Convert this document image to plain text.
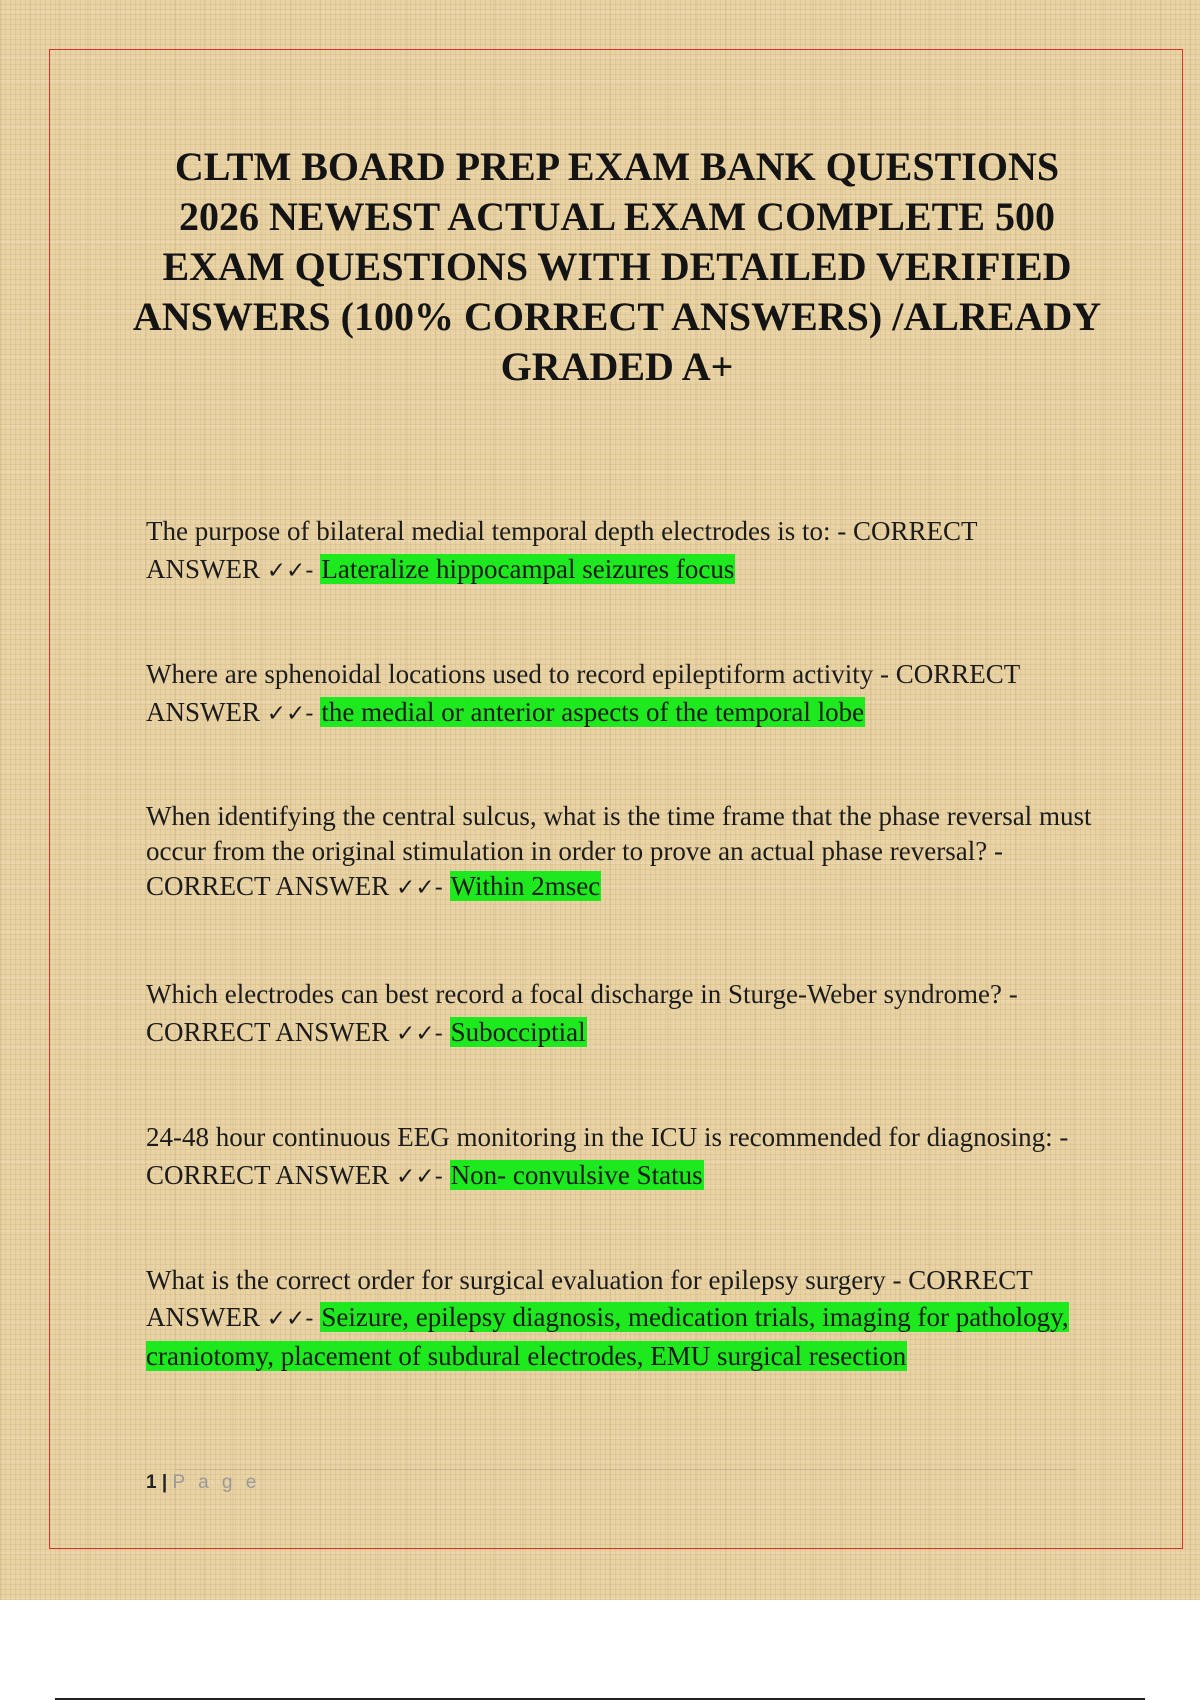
CLTM BOARD PREP EXAM BANK QUESTIONS 2026 NEWEST ACTUAL EXAM COMPLETE 500 EXAM QUESTIONS WITH DETAILED VERIFIED ANSWERS (100% CORRECT ANSWERS) /ALREADY GRADED A+

The purpose of bilateral medial temporal depth electrodes is to: - CORRECT ANSWER ✓✓- Lateralize hippocampal seizures focus

Where are sphenoidal locations used to record epileptiform activity - CORRECT ANSWER ✓✓- the medial or anterior aspects of the temporal lobe

When identifying the central sulcus, what is the time frame that the phase reversal must occur from the original stimulation in order to prove an actual phase reversal? - CORRECT ANSWER ✓✓- Within 2msec

Which electrodes can best record a focal discharge in Sturge-Weber syndrome? - CORRECT ANSWER ✓✓- Subocciptial

24-48 hour continuous EEG monitoring in the ICU is recommended for diagnosing: - CORRECT ANSWER ✓✓- Non- convulsive Status

What is the correct order for surgical evaluation for epilepsy surgery - CORRECT ANSWER ✓✓- Seizure, epilepsy diagnosis, medication trials, imaging for pathology, craniotomy, placement of subdural electrodes, EMU surgical resection

1 | P a g e
